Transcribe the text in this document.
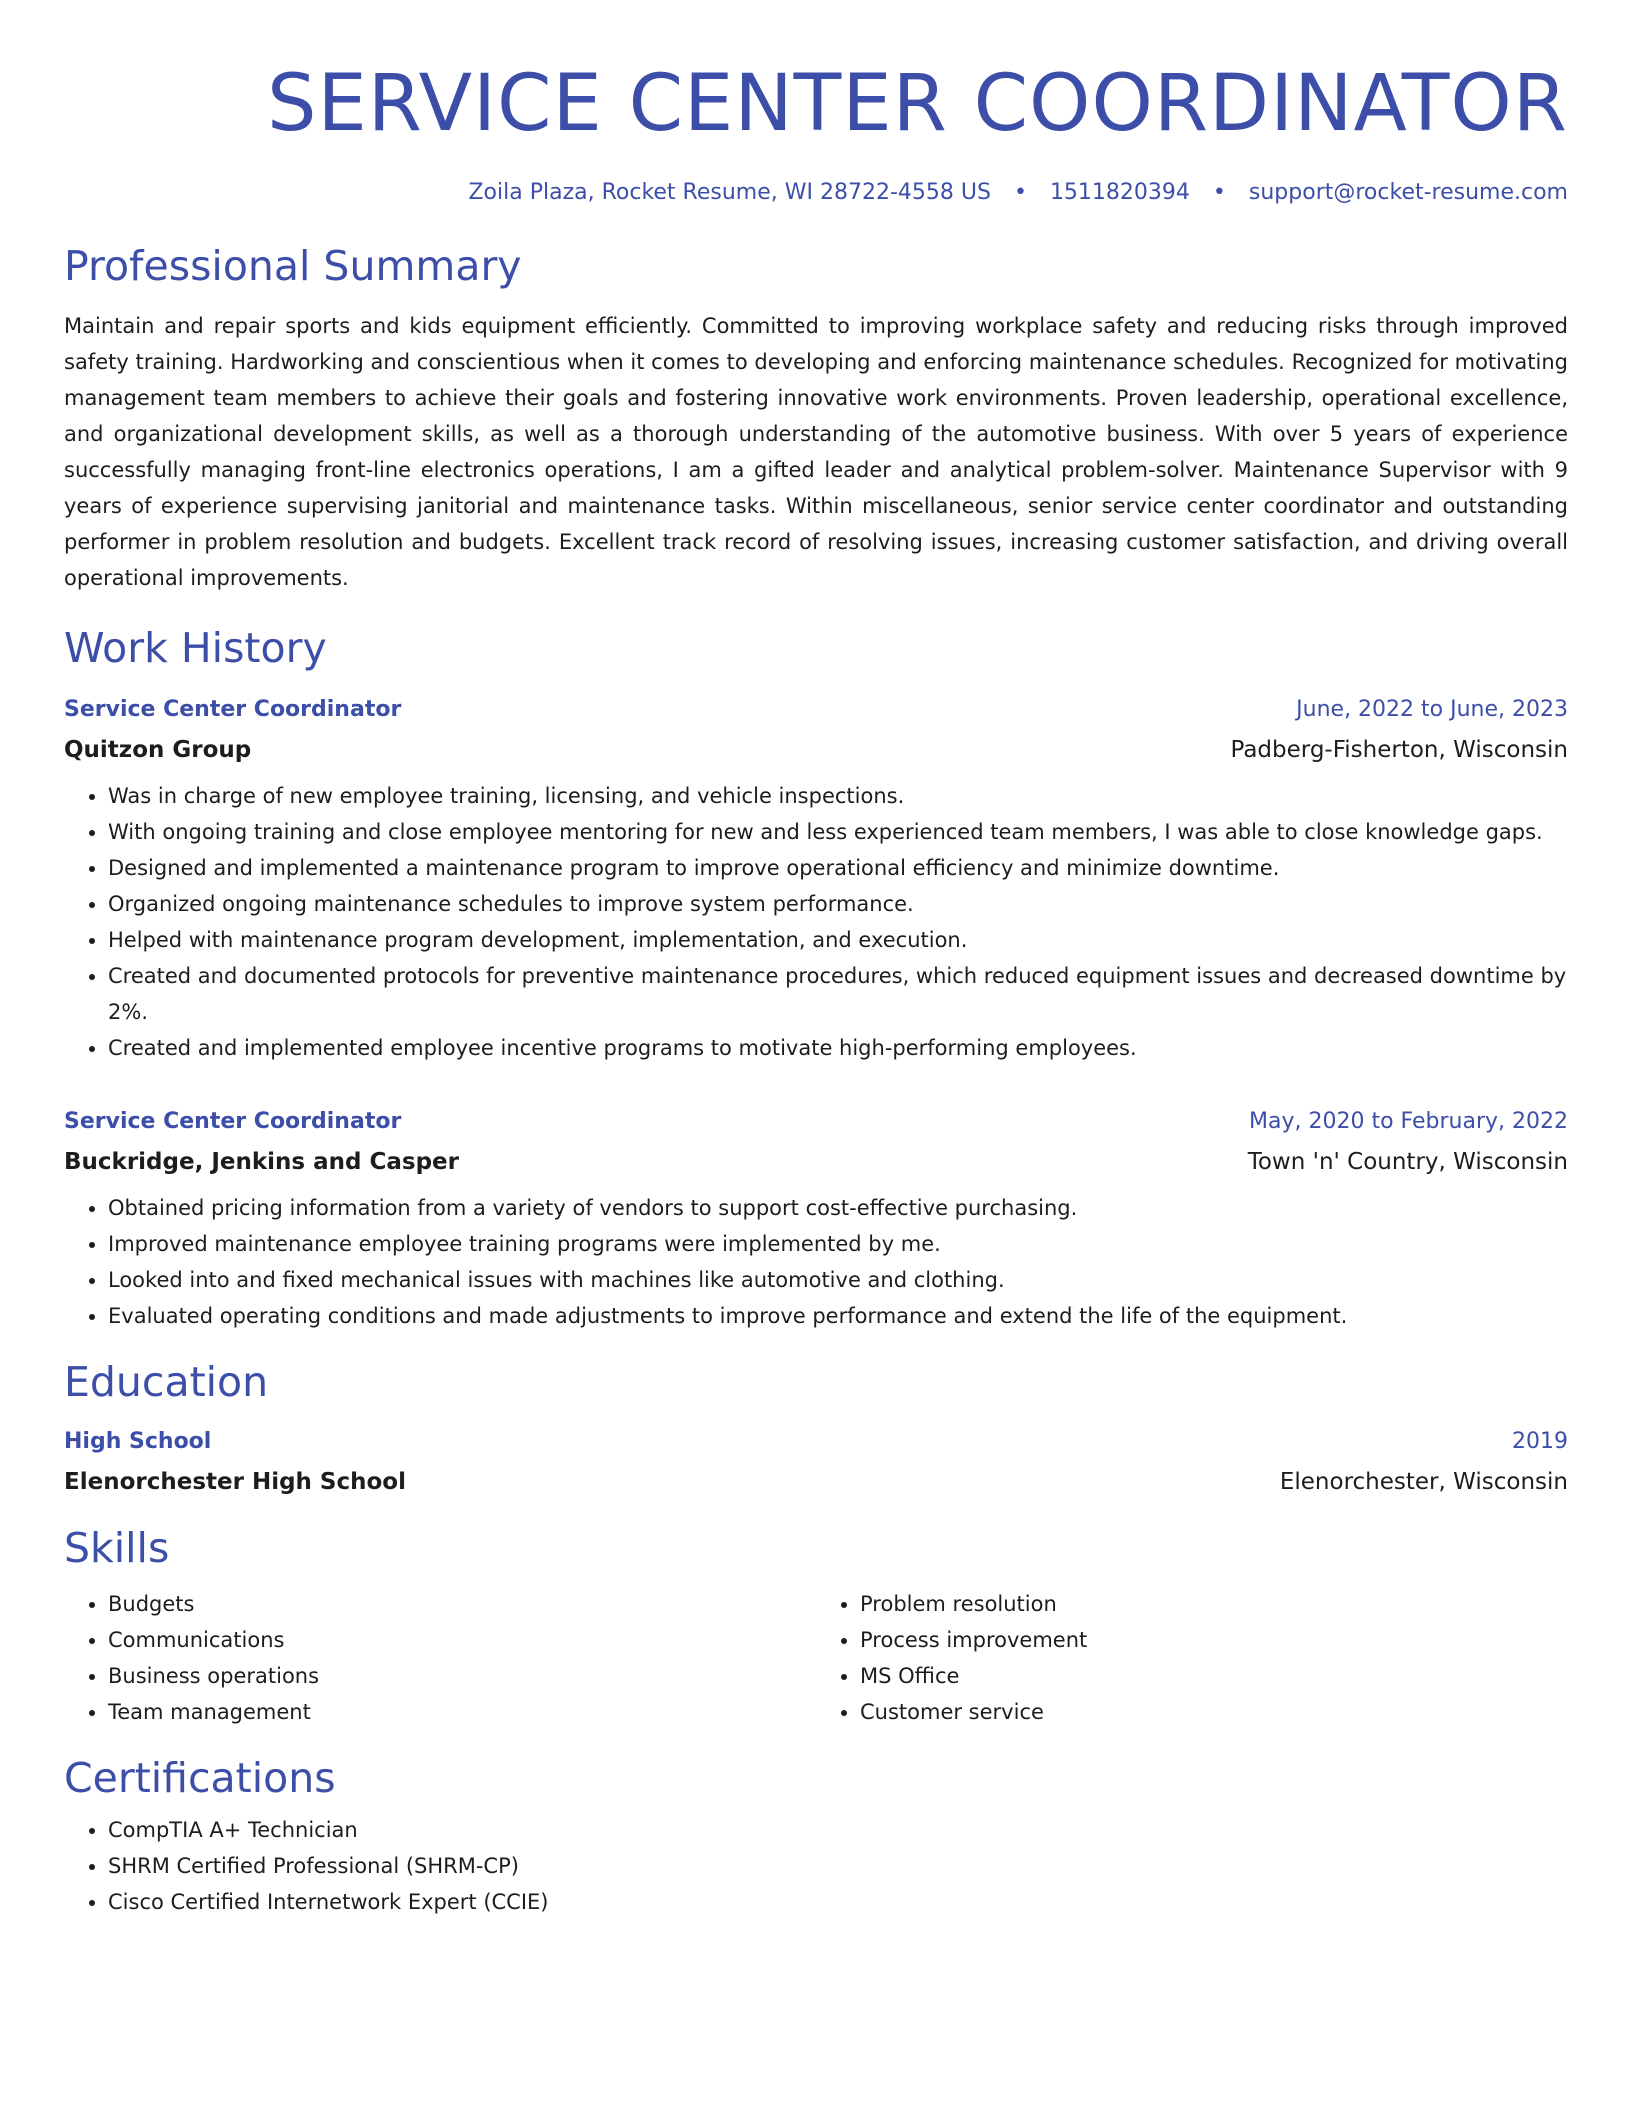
SERVICE CENTER COORDINATOR
Zoila Plaza, Rocket Resume, WI 28722-4558 US • 1511820394 • support@rocket-resume.com
Professional Summary

Maintain and repair sports and kids equipment efficiently. Committed to improving workplace safety and reducing risks through improved safety training. Hardworking and conscientious when it comes to developing and enforcing maintenance schedules. Recognized for motivating management team members to achieve their goals and fostering innovative work environments. Proven leadership, operational excellence, and organizational development skills, as well as a thorough understanding of the automotive business. With over 5 years of experience successfully managing front-line electronics operations, I am a gifted leader and analytical problem-solver. Maintenance Supervisor with 9 years of experience supervising janitorial and maintenance tasks. Within miscellaneous, senior service center coordinator and outstanding performer in problem resolution and budgets. Excellent track record of resolving issues, increasing customer satisfaction, and driving overall operational improvements.

Work History
Service Center Coordinator	June, 2022 to June, 2023
Quitzon Group	Padberg-Fisherton, Wisconsin
• Was in charge of new employee training, licensing, and vehicle inspections.
• With ongoing training and close employee mentoring for new and less experienced team members, I was able to close knowledge gaps.
• Designed and implemented a maintenance program to improve operational efficiency and minimize downtime.
• Organized ongoing maintenance schedules to improve system performance.
• Helped with maintenance program development, implementation, and execution.
• Created and documented protocols for preventive maintenance procedures, which reduced equipment issues and decreased downtime by 2%.
• Created and implemented employee incentive programs to motivate high-performing employees.
Service Center Coordinator	May, 2020 to February, 2022
Buckridge, Jenkins and Casper	Town 'n' Country, Wisconsin
• Obtained pricing information from a variety of vendors to support cost-effective purchasing.
• Improved maintenance employee training programs were implemented by me.
• Looked into and fixed mechanical issues with machines like automotive and clothing.
• Evaluated operating conditions and made adjustments to improve performance and extend the life of the equipment.
Education
High School	2019
Elenorchester High School	Elenorchester, Wisconsin
Skills
• Budgets
• Communications
• Business operations
• Team management
• Problem resolution
• Process improvement
• MS Office
• Customer service
Certifications
• CompTIA A+ Technician
• SHRM Certified Professional (SHRM-CP)
• Cisco Certified Internetwork Expert (CCIE)
